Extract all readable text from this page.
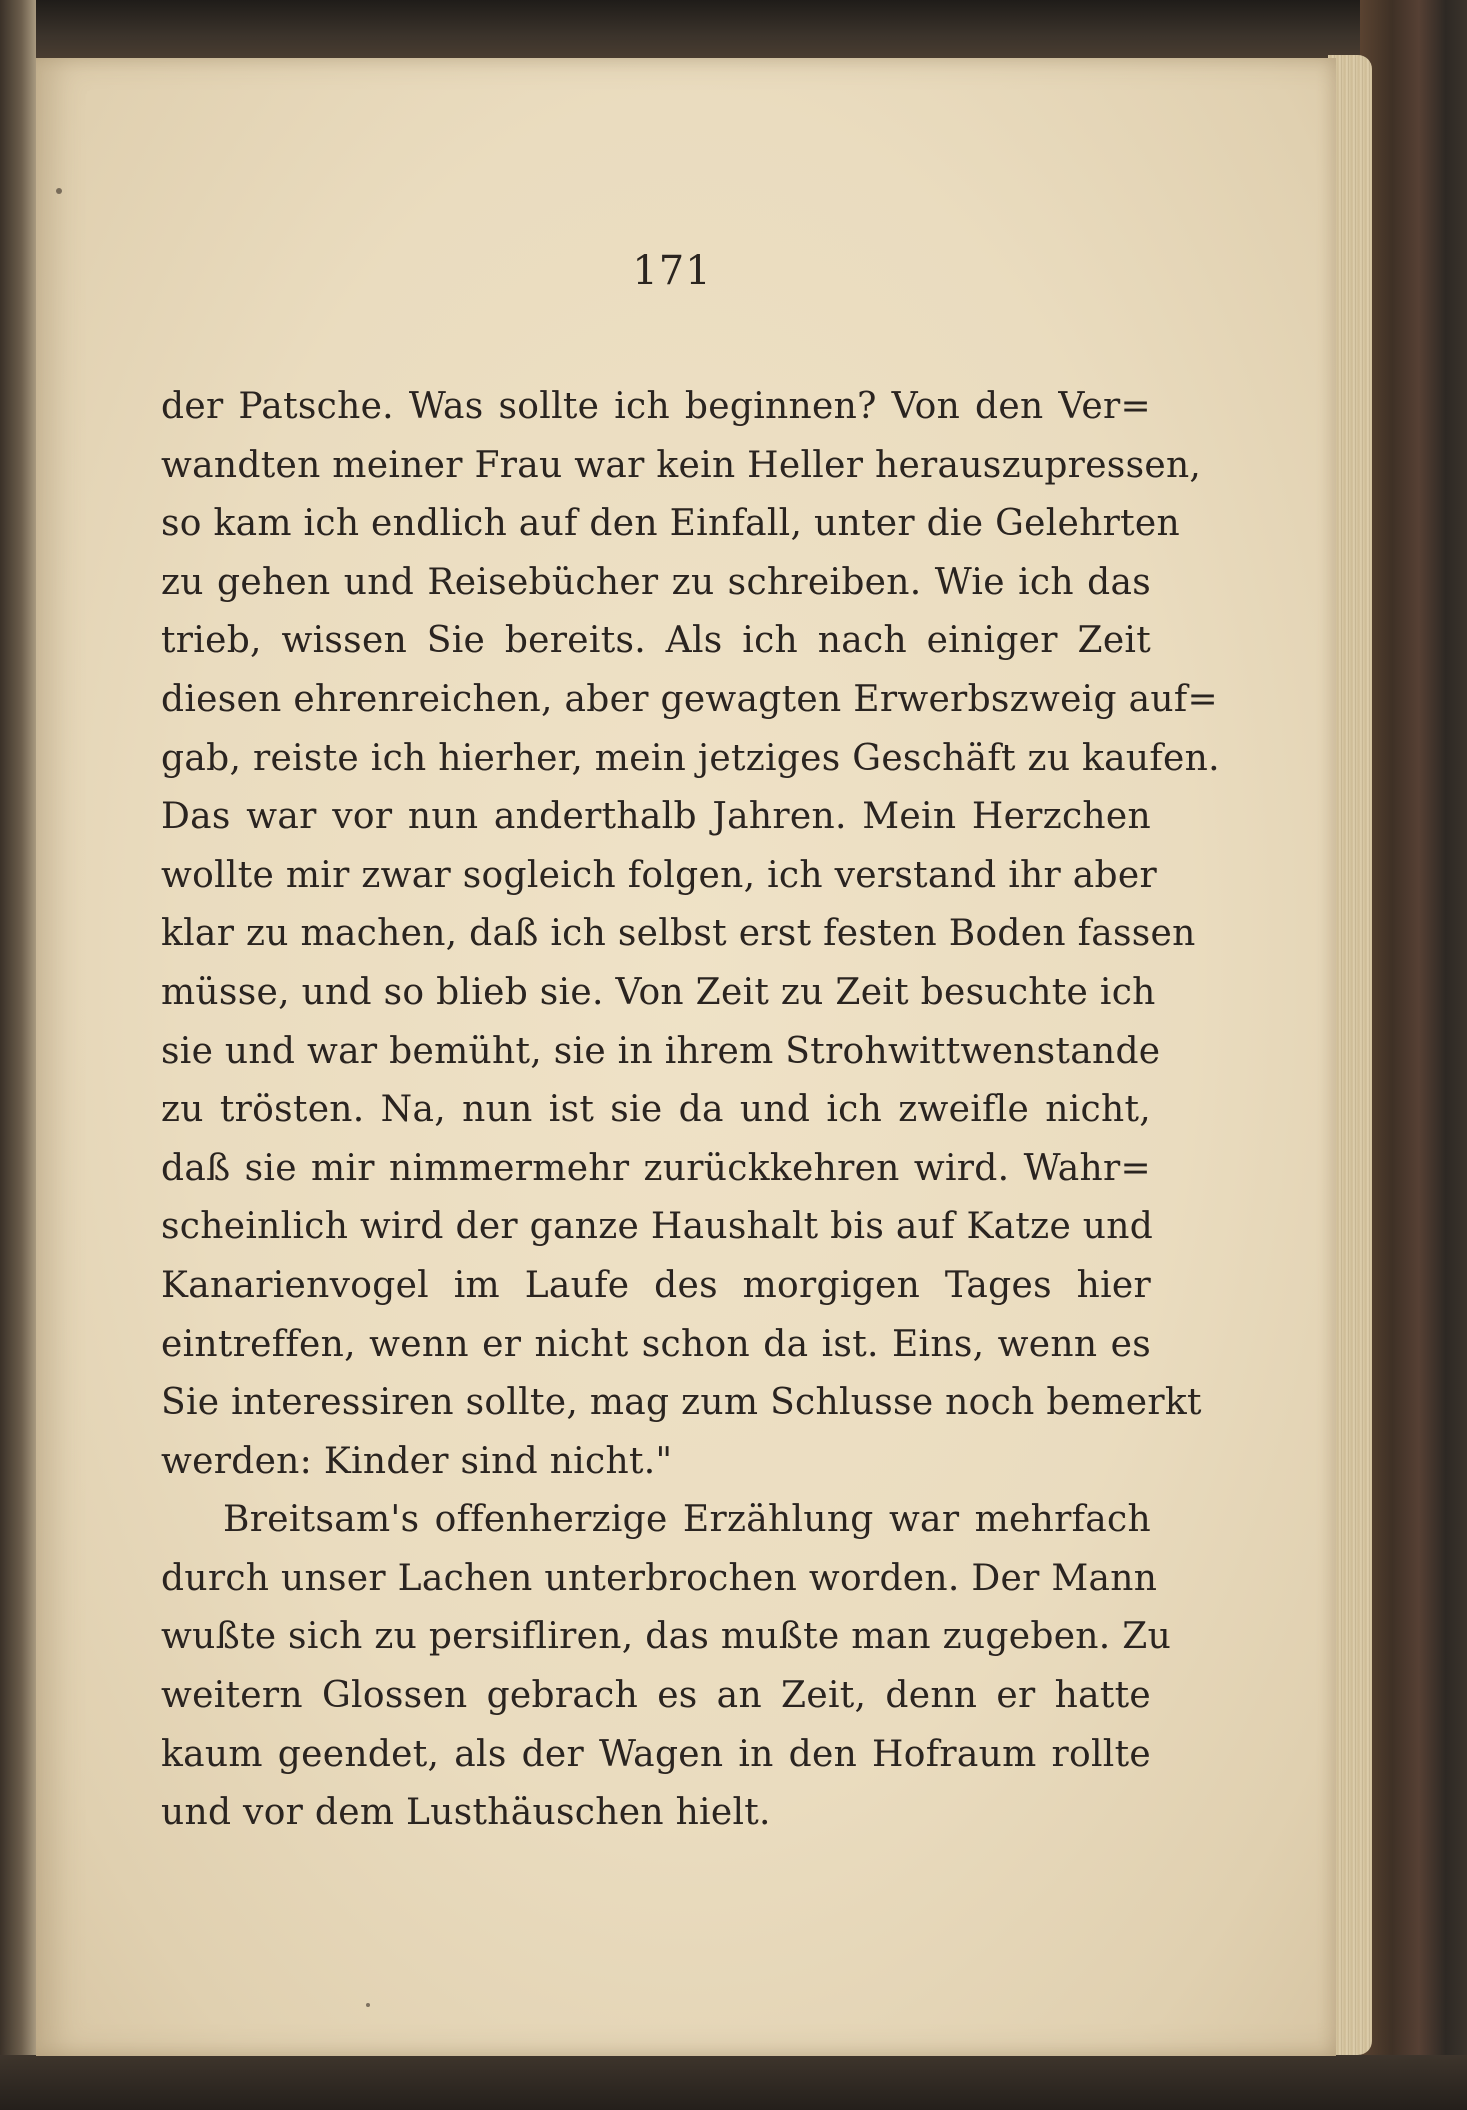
171
der Patsche. Was sollte ich beginnen? Von den Ver=
wandten meiner Frau war kein Heller herauszupressen,
so kam ich endlich auf den Einfall, unter die Gelehrten
zu gehen und Reisebücher zu schreiben. Wie ich das
trieb, wissen Sie bereits. Als ich nach einiger Zeit
diesen ehrenreichen, aber gewagten Erwerbszweig auf=
gab, reiste ich hierher, mein jetziges Geschäft zu kaufen.
Das war vor nun anderthalb Jahren. Mein Herzchen
wollte mir zwar sogleich folgen, ich verstand ihr aber
klar zu machen, daß ich selbst erst festen Boden fassen
müsse, und so blieb sie. Von Zeit zu Zeit besuchte ich
sie und war bemüht, sie in ihrem Strohwittwenstande
zu trösten. Na, nun ist sie da und ich zweifle nicht,
daß sie mir nimmermehr zurückkehren wird. Wahr=
scheinlich wird der ganze Haushalt bis auf Katze und
Kanarienvogel im Laufe des morgigen Tages hier
eintreffen, wenn er nicht schon da ist. Eins, wenn es
Sie interessiren sollte, mag zum Schlusse noch bemerkt
werden: Kinder sind nicht."
Breitsam's offenherzige Erzählung war mehrfach
durch unser Lachen unterbrochen worden. Der Mann
wußte sich zu persifliren, das mußte man zugeben. Zu
weitern Glossen gebrach es an Zeit, denn er hatte
kaum geendet, als der Wagen in den Hofraum rollte
und vor dem Lusthäuschen hielt.
